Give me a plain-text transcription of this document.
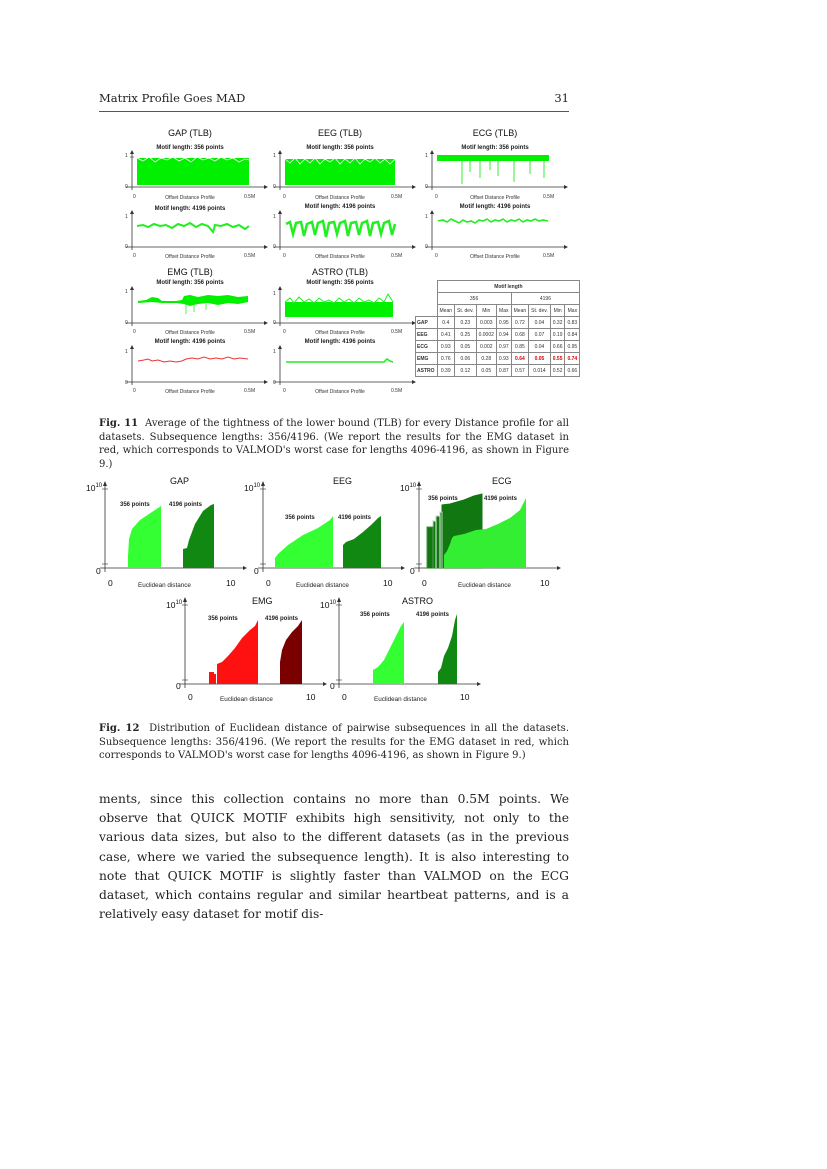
Matrix Profile Goes MAD	31
GAP (TLB)
Motif length: 356 points
1
0
0	0.5M
Offset Distance Profile
Motif length: 4196 points
1
0
0	0.5M
Offset Distance Profile
EEG (TLB)
Motif length: 356 points
1
0
0	0.5M
Offset Distance Profile
Motif length: 4196 points
1
0
0	0.5M
Offset Distance Profile
ECG (TLB)
Motif length: 356 points
1
0
0	0.5M
Offset Distance Profile
Motif length: 4196 points
1
0
0	0.5M
Offset Distance Profile
EMG (TLB)
Motif length: 356 points
1
0
0	0.5M
Offset Distance Profile
Motif length: 4196 points
1
0
0	0.5M
Offset Distance Profile
ASTRO (TLB)
Motif length: 356 points
1
0
0	0.5M
Offset Distance Profile
Motif length: 4196 points
1
0
0	0.5M
Offset Distance Profile
	Motif length							
	356				4196			
	Mean	St. dev.	Min	Max	Mean	St. dev.	Min	Max
GAP	0.4	0.23	0.003	0.95	0.72	0.04	0.32	0.83
EEG	0.41	0.25	0.0002	0.94	0.68	0.07	0.19	0.84
ECG	0.93	0.05	0.002	0.97	0.85	0.04	0.66	0.95
EMG	0.76	0.06	0.28	0.93	0.64	0.05	0.55	0.74
ASTRO	0.39	0.12	0.05	0.87	0.57	0.014	0.52	0.66
Fig. 11 Average of the tightness of the lower bound (TLB) for every Distance profile for all datasets. Subsequence lengths: 356/4196. (We report the results for the EMG dataset in red, which corresponds to VALMOD's worst case for lengths 4096-4196, as shown in Figure 9.)
GAP
$10^{10}$
0
0	10
Euclidean distance
356 points	4196 points
EEG
$10^{10}$
0
0	10
Euclidean distance
356 points	4196 points
ECG
$10^{10}$
0
0	10
Euclidean distance
356 points	4196 points
EMG
$10^{10}$
0
0	10
Euclidean distance
356 points	4196 points
ASTRO
$10^{10}$
0
0	10
Euclidean distance
356 points	4196 points
Fig. 12 Distribution of Euclidean distance of pairwise subsequences in all the datasets. Subsequence lengths: 356/4196. (We report the results for the EMG dataset in red, which corresponds to VALMOD's worst case for lengths 4096-4196, as shown in Figure 9.)
ments, since this collection contains no more than 0.5M points. We observe that QUICK MOTIF exhibits high sensitivity, not only to the various data sizes, but also to the different datasets (as in the previous case, where we varied the subsequence length). It is also interesting to note that QUICK MOTIF is slightly faster than VALMOD on the ECG dataset, which contains regular and similar heartbeat patterns, and is a relatively easy dataset for motif dis-
